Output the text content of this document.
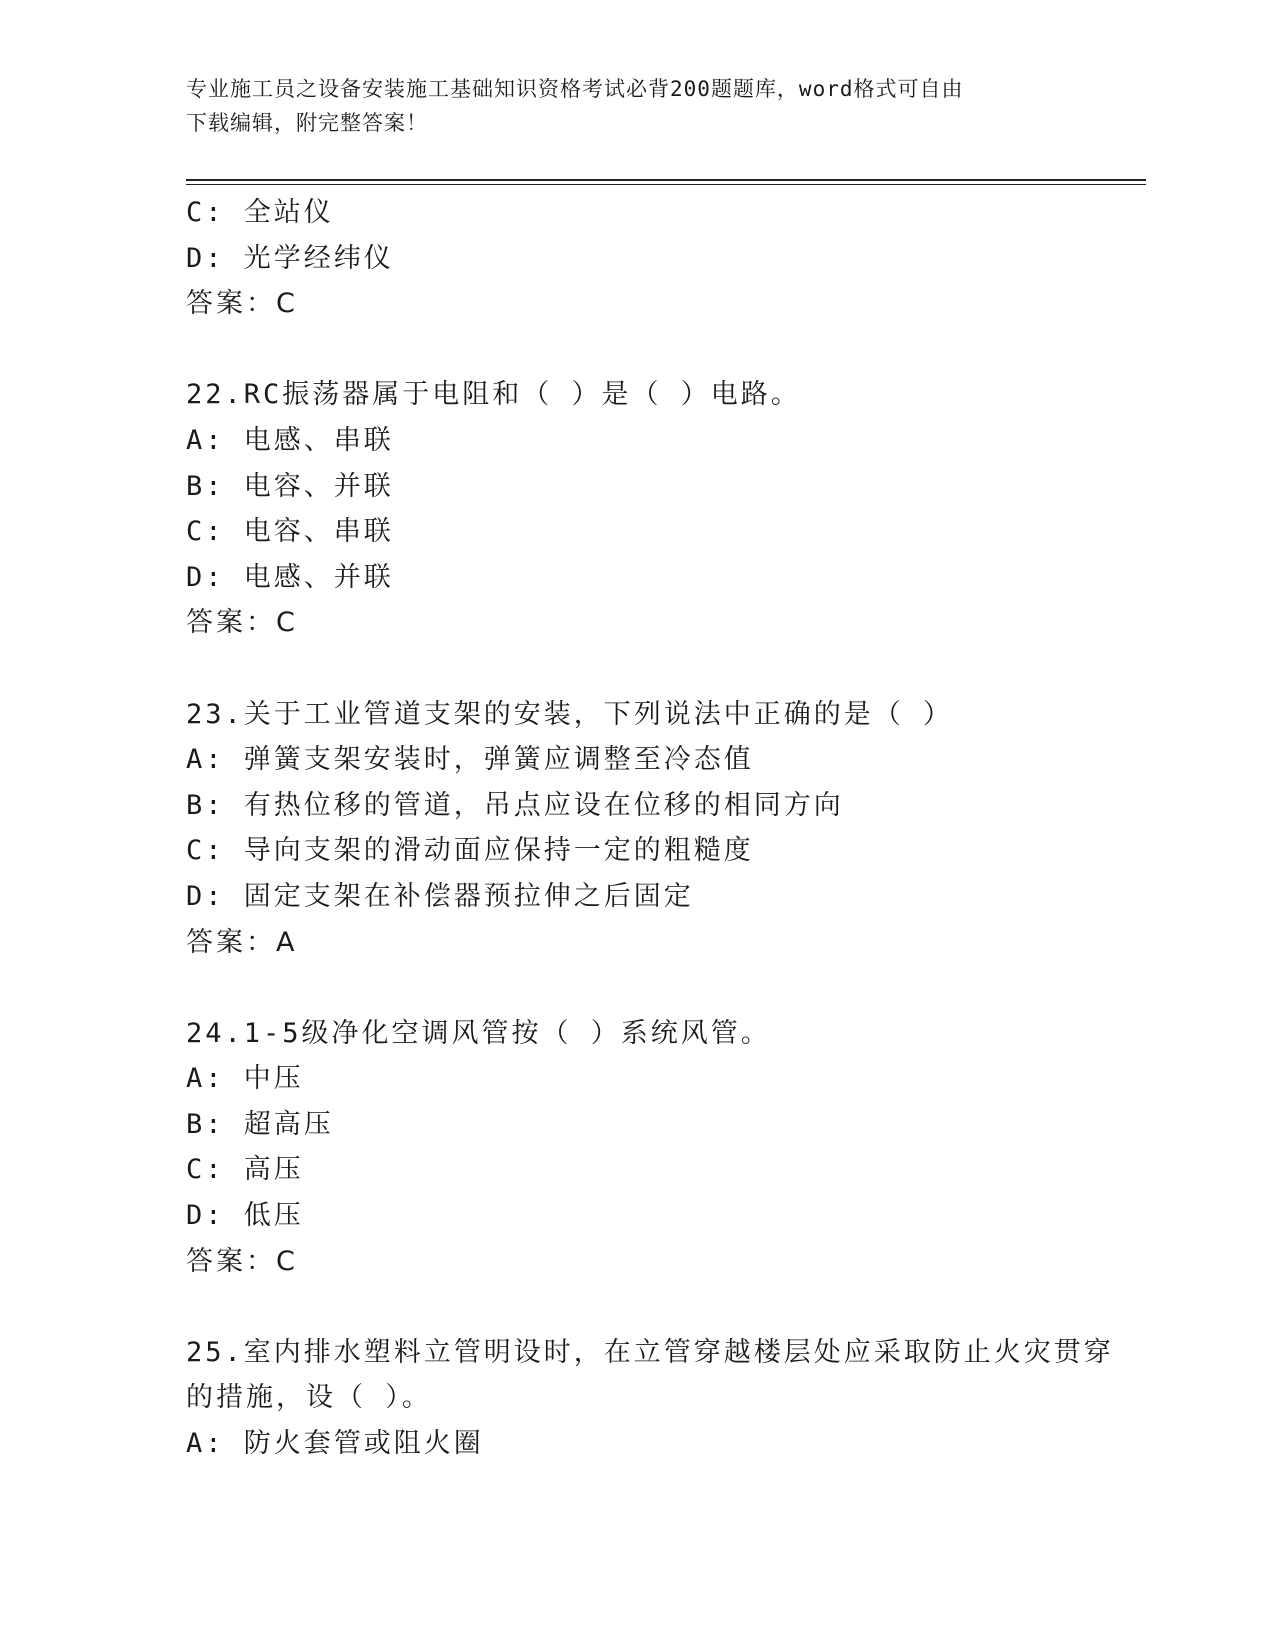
专业施工员之设备安装施工基础知识资格考试必背200题题库，word格式可自由
下载编辑，附完整答案！
C: 全站仪
D: 光学经纬仪
答案：C
22.RC振荡器属于电阻和（ ）是（ ）电路。
A: 电感、串联
B: 电容、并联
C: 电容、串联
D: 电感、并联
答案：C
23.关于工业管道支架的安装，下列说法中正确的是（ ）
A: 弹簧支架安装时，弹簧应调整至冷态值
B: 有热位移的管道，吊点应设在位移的相同方向
C: 导向支架的滑动面应保持一定的粗糙度
D: 固定支架在补偿器预拉伸之后固定
答案：A
24.1-5级净化空调风管按（ ）系统风管。
A: 中压
B: 超高压
C: 高压
D: 低压
答案：C
25.室内排水塑料立管明设时，在立管穿越楼层处应采取防止火灾贯穿
的措施，设（ ）。
A: 防火套管或阻火圈
